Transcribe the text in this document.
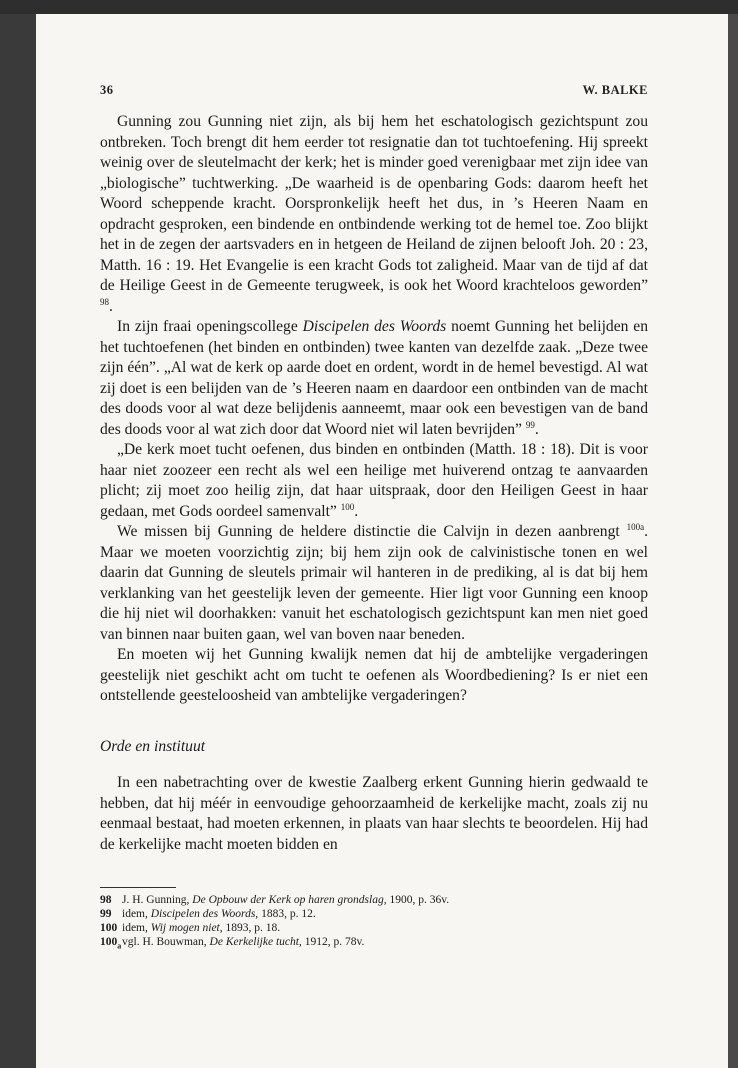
36	W. BALKE

Gunning zou Gunning niet zijn, als bij hem het eschatologisch gezichtspunt zou ontbreken. Toch brengt dit hem eerder tot resignatie dan tot tuchtoefening. Hij spreekt weinig over de sleutelmacht der kerk; het is minder goed verenigbaar met zijn idee van „biologische” tuchtwerking. „De waarheid is de openbaring Gods: daarom heeft het Woord scheppende kracht. Oorspronkelijk heeft het dus, in ’s Heeren Naam en opdracht gesproken, een bindende en ontbindende werking tot de hemel toe. Zoo blijkt het in de zegen der aartsvaders en in hetgeen de Heiland de zijnen belooft Joh. 20 : 23, Matth. 16 : 19. Het Evangelie is een kracht Gods tot zaligheid. Maar van de tijd af dat de Heilige Geest in de Gemeente terugweek, is ook het Woord krachteloos geworden” $^{98}$.

In zijn fraai openingscollege Discipelen des Woords noemt Gunning het belijden en het tuchtoefenen (het binden en ontbinden) twee kanten van dezelfde zaak. „Deze twee zijn één”. „Al wat de kerk op aarde doet en ordent, wordt in de hemel bevestigd. Al wat zij doet is een belijden van de ’s Heeren naam en daardoor een ontbinden van de macht des doods voor al wat deze belijdenis aanneemt, maar ook een bevestigen van de band des doods voor al wat zich door dat Woord niet wil laten bevrijden” $^{99}$.

„De kerk moet tucht oefenen, dus binden en ontbinden (Matth. 18 : 18). Dit is voor haar niet zoozeer een recht als wel een heilige met huiverend ontzag te aanvaarden plicht; zij moet zoo heilig zijn, dat haar uitspraak, door den Heiligen Geest in haar gedaan, met Gods oordeel samenvalt” $^{100}$.

We missen bij Gunning de heldere distinctie die Calvijn in dezen aanbrengt $^{100a}$. Maar we moeten voorzichtig zijn; bij hem zijn ook de calvinistische tonen en wel daarin dat Gunning de sleutels primair wil hanteren in de prediking, al is dat bij hem verklanking van het geestelijk leven der gemeente. Hier ligt voor Gunning een knoop die hij niet wil doorhakken: vanuit het eschatologisch gezichtspunt kan men niet goed van binnen naar buiten gaan, wel van boven naar beneden.

En moeten wij het Gunning kwalijk nemen dat hij de ambtelijke vergaderingen geestelijk niet geschikt acht om tucht te oefenen als Woordbediening? Is er niet een ontstellende geesteloosheid van ambtelijke vergaderingen?

Orde en instituut

In een nabetrachting over de kwestie Zaalberg erkent Gunning hierin gedwaald te hebben, dat hij méér in eenvoudige gehoorzaamheid de kerkelijke macht, zoals zij nu eenmaal bestaat, had moeten erkennen, in plaats van haar slechts te beoordelen. Hij had de kerkelijke macht moeten bidden en

98 J. H. Gunning, De Opbouw der Kerk op haren grondslag, 1900, p. 36v.
99 idem, Discipelen des Woords, 1883, p. 12.
100 idem, Wij mogen niet, 1893, p. 18.
$100_a$ vgl. H. Bouwman, De Kerkelijke tucht, 1912, p. 78v.
